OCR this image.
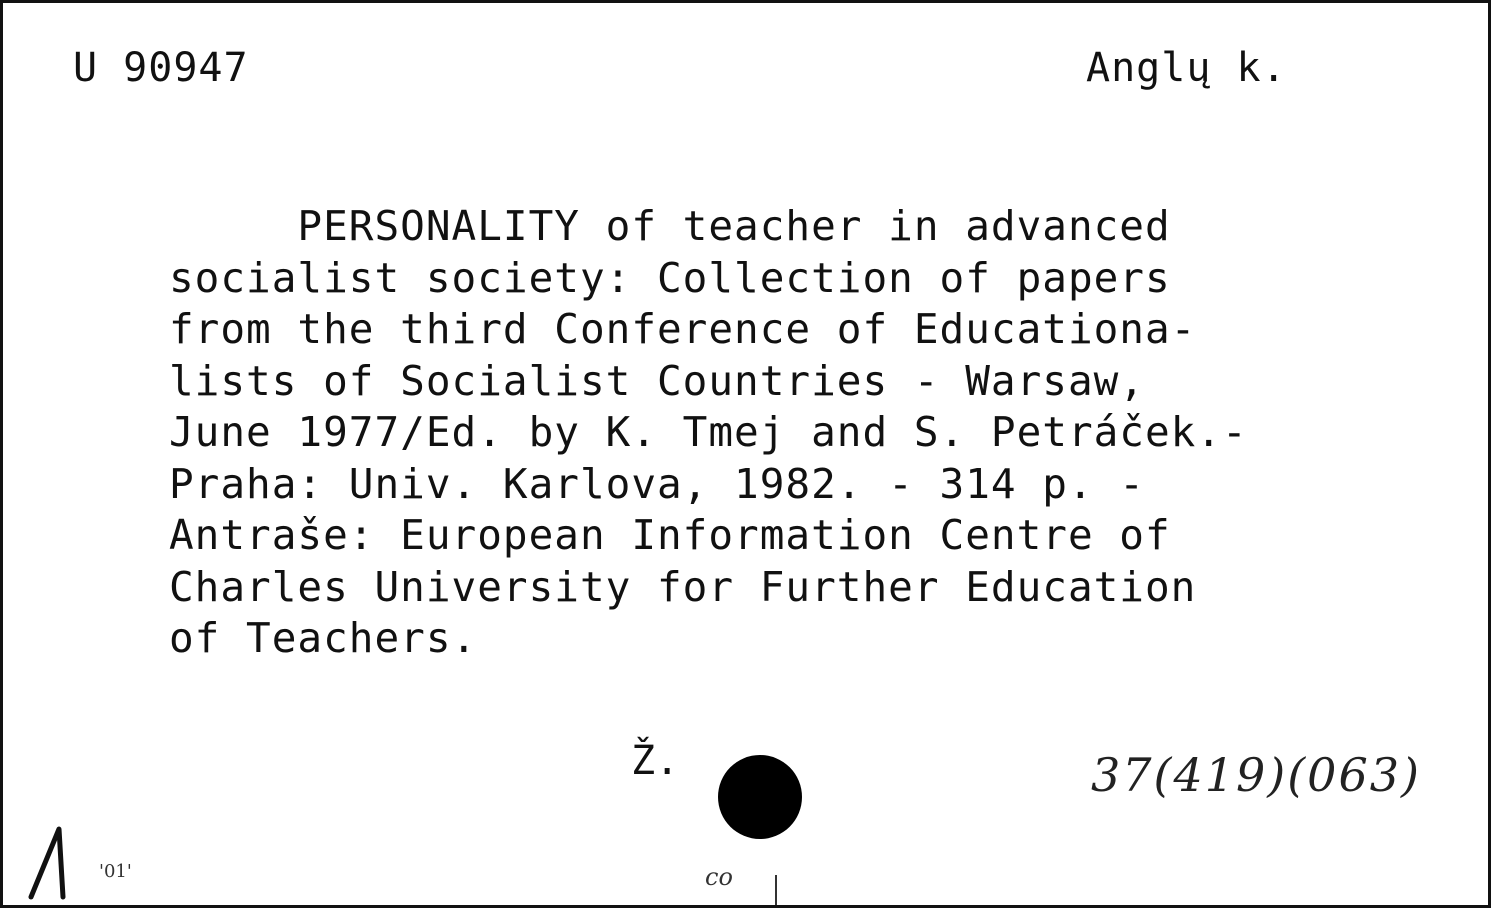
U 90947	Anglų k.
PERSONALITY of teacher in advanced
socialist society: Collection of papers
from the third Conference of Educationa-
lists of Socialist Countries - Warsaw,
June 1977/Ed. by K. Tmej and S. Petráček.-
Praha: Univ. Karlova, 1982. - 314 p. -
Antraše: European Information Centre of
Charles University for Further Education
of Teachers.
Ž.	37(419)(063)
'01'	co
